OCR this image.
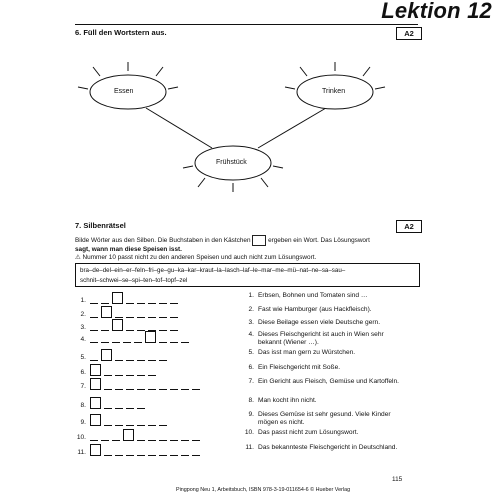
Lektion 12
6. Füll den Wortstern aus.	A2
Essen	Trinken
Frühstück
7. Silbenrätsel	A2
Bilde Wörter aus den Silben. Die Buchstaben in den Kästchen	ergeben ein Wort. Das Lösungswort
sagt, wann man diese Speisen isst.
⚠ Nummer 10 passt nicht zu den anderen Speisen und auch nicht zum Lösungswort.
bra–de–del–ein–er–feln–fri–ge–gu–ka–kar–kraut–la–lasch–laf–le–mar–me–mü–nat–ne–sa–sau–
schnit–schwei–se–spi–ten–tof–topf–zel
1.
2.
3.
4.
5.
6.
7.
8.
9.
10.
11.
1. Erbsen, Bohnen und Tomaten sind …
2. Fast wie Hamburger (aus Hackfleisch).
3. Diese Beilage essen viele Deutsche gern.
4. Dieses Fleischgericht ist auch in Wien sehr bekannt (Wiener …).
5. Das isst man gern zu Würstchen.
6. Ein Fleischgericht mit Soße.
7. Ein Gericht aus Fleisch, Gemüse und Kartoffeln.
8. Man kocht ihn nicht.
9. Dieses Gemüse ist sehr gesund. Viele Kinder mögen es nicht.
10. Das passt nicht zum Lösungswort.
11. Das bekannteste Fleischgericht in Deutschland.
115
Pingpong Neu 1, Arbeitsbuch, ISBN 978-3-19-011654-6 © Hueber Verlag
